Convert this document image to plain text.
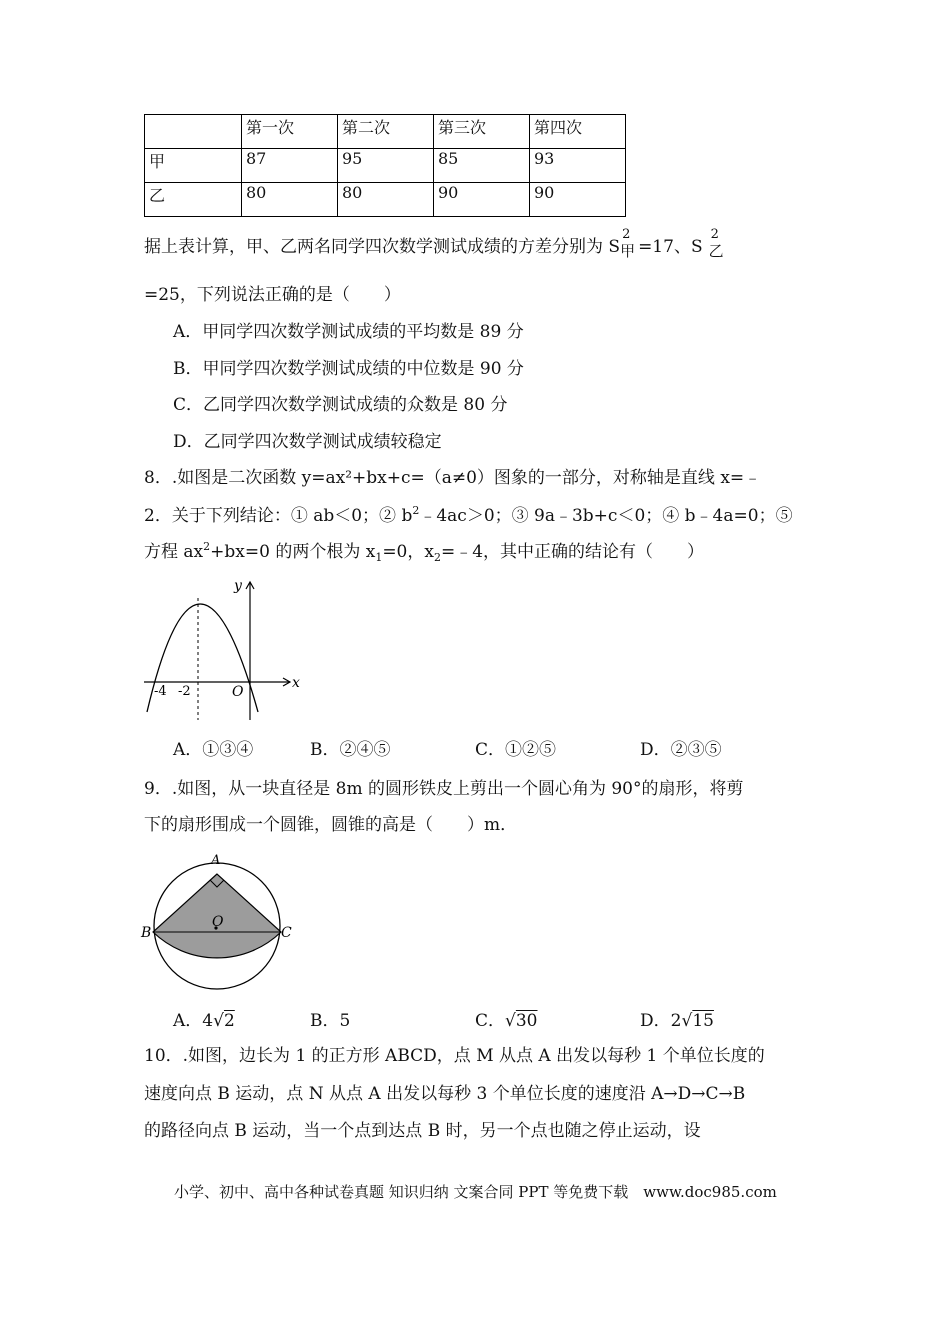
	第一次	第二次	第三次	第四次
甲	87	95	85	93
乙	80	80	90	90
据上表计算，甲、乙两名同学四次数学测试成绩的方差分别为 S
2
甲 =17、S
2
乙
=25，下列说法正确的是（　　）
A．甲同学四次数学测试成绩的平均数是 89 分
B．甲同学四次数学测试成绩的中位数是 90 分
C．乙同学四次数学测试成绩的众数是 80 分
D．乙同学四次数学测试成绩较稳定
8．.如图是二次函数 y=ax²+bx+c=（a≠0）图象的一部分，对称轴是直线 x=﹣
2．关于下列结论：① ab＜0；② $b^2﹣4ac>0$；③ 9a﹣3b+c＜0；④ b﹣4a=0；⑤
方程 $ax^2+bx=0$ 的两个根为 $x_1=0$，$x_2=﹣4$，其中正确的结论有（　　）
y
x
-4 -2	O
A．①③④	B．②④⑤	C．①②⑤	D．②③⑤
9．.如图，从一块直径是 8m 的圆形铁皮上剪出一个圆心角为 90°的扇形，将剪
下的扇形围成一个圆锥，圆锥的高是（　　）m．
A
B	C
O
A．4√2	B．5	C．√30	D．2√15
10．.如图，边长为 1 的正方形 ABCD，点 M 从点 A 出发以每秒 1 个单位长度的
速度向点 B 运动，点 N 从点 A 出发以每秒 3 个单位长度的速度沿 A→D→C→B
的路径向点 B 运动，当一个点到达点 B 时，另一个点也随之停止运动，设
小学、初中、高中各种试卷真题 知识归纳 文案合同 PPT 等免费下载　www.doc985.com
